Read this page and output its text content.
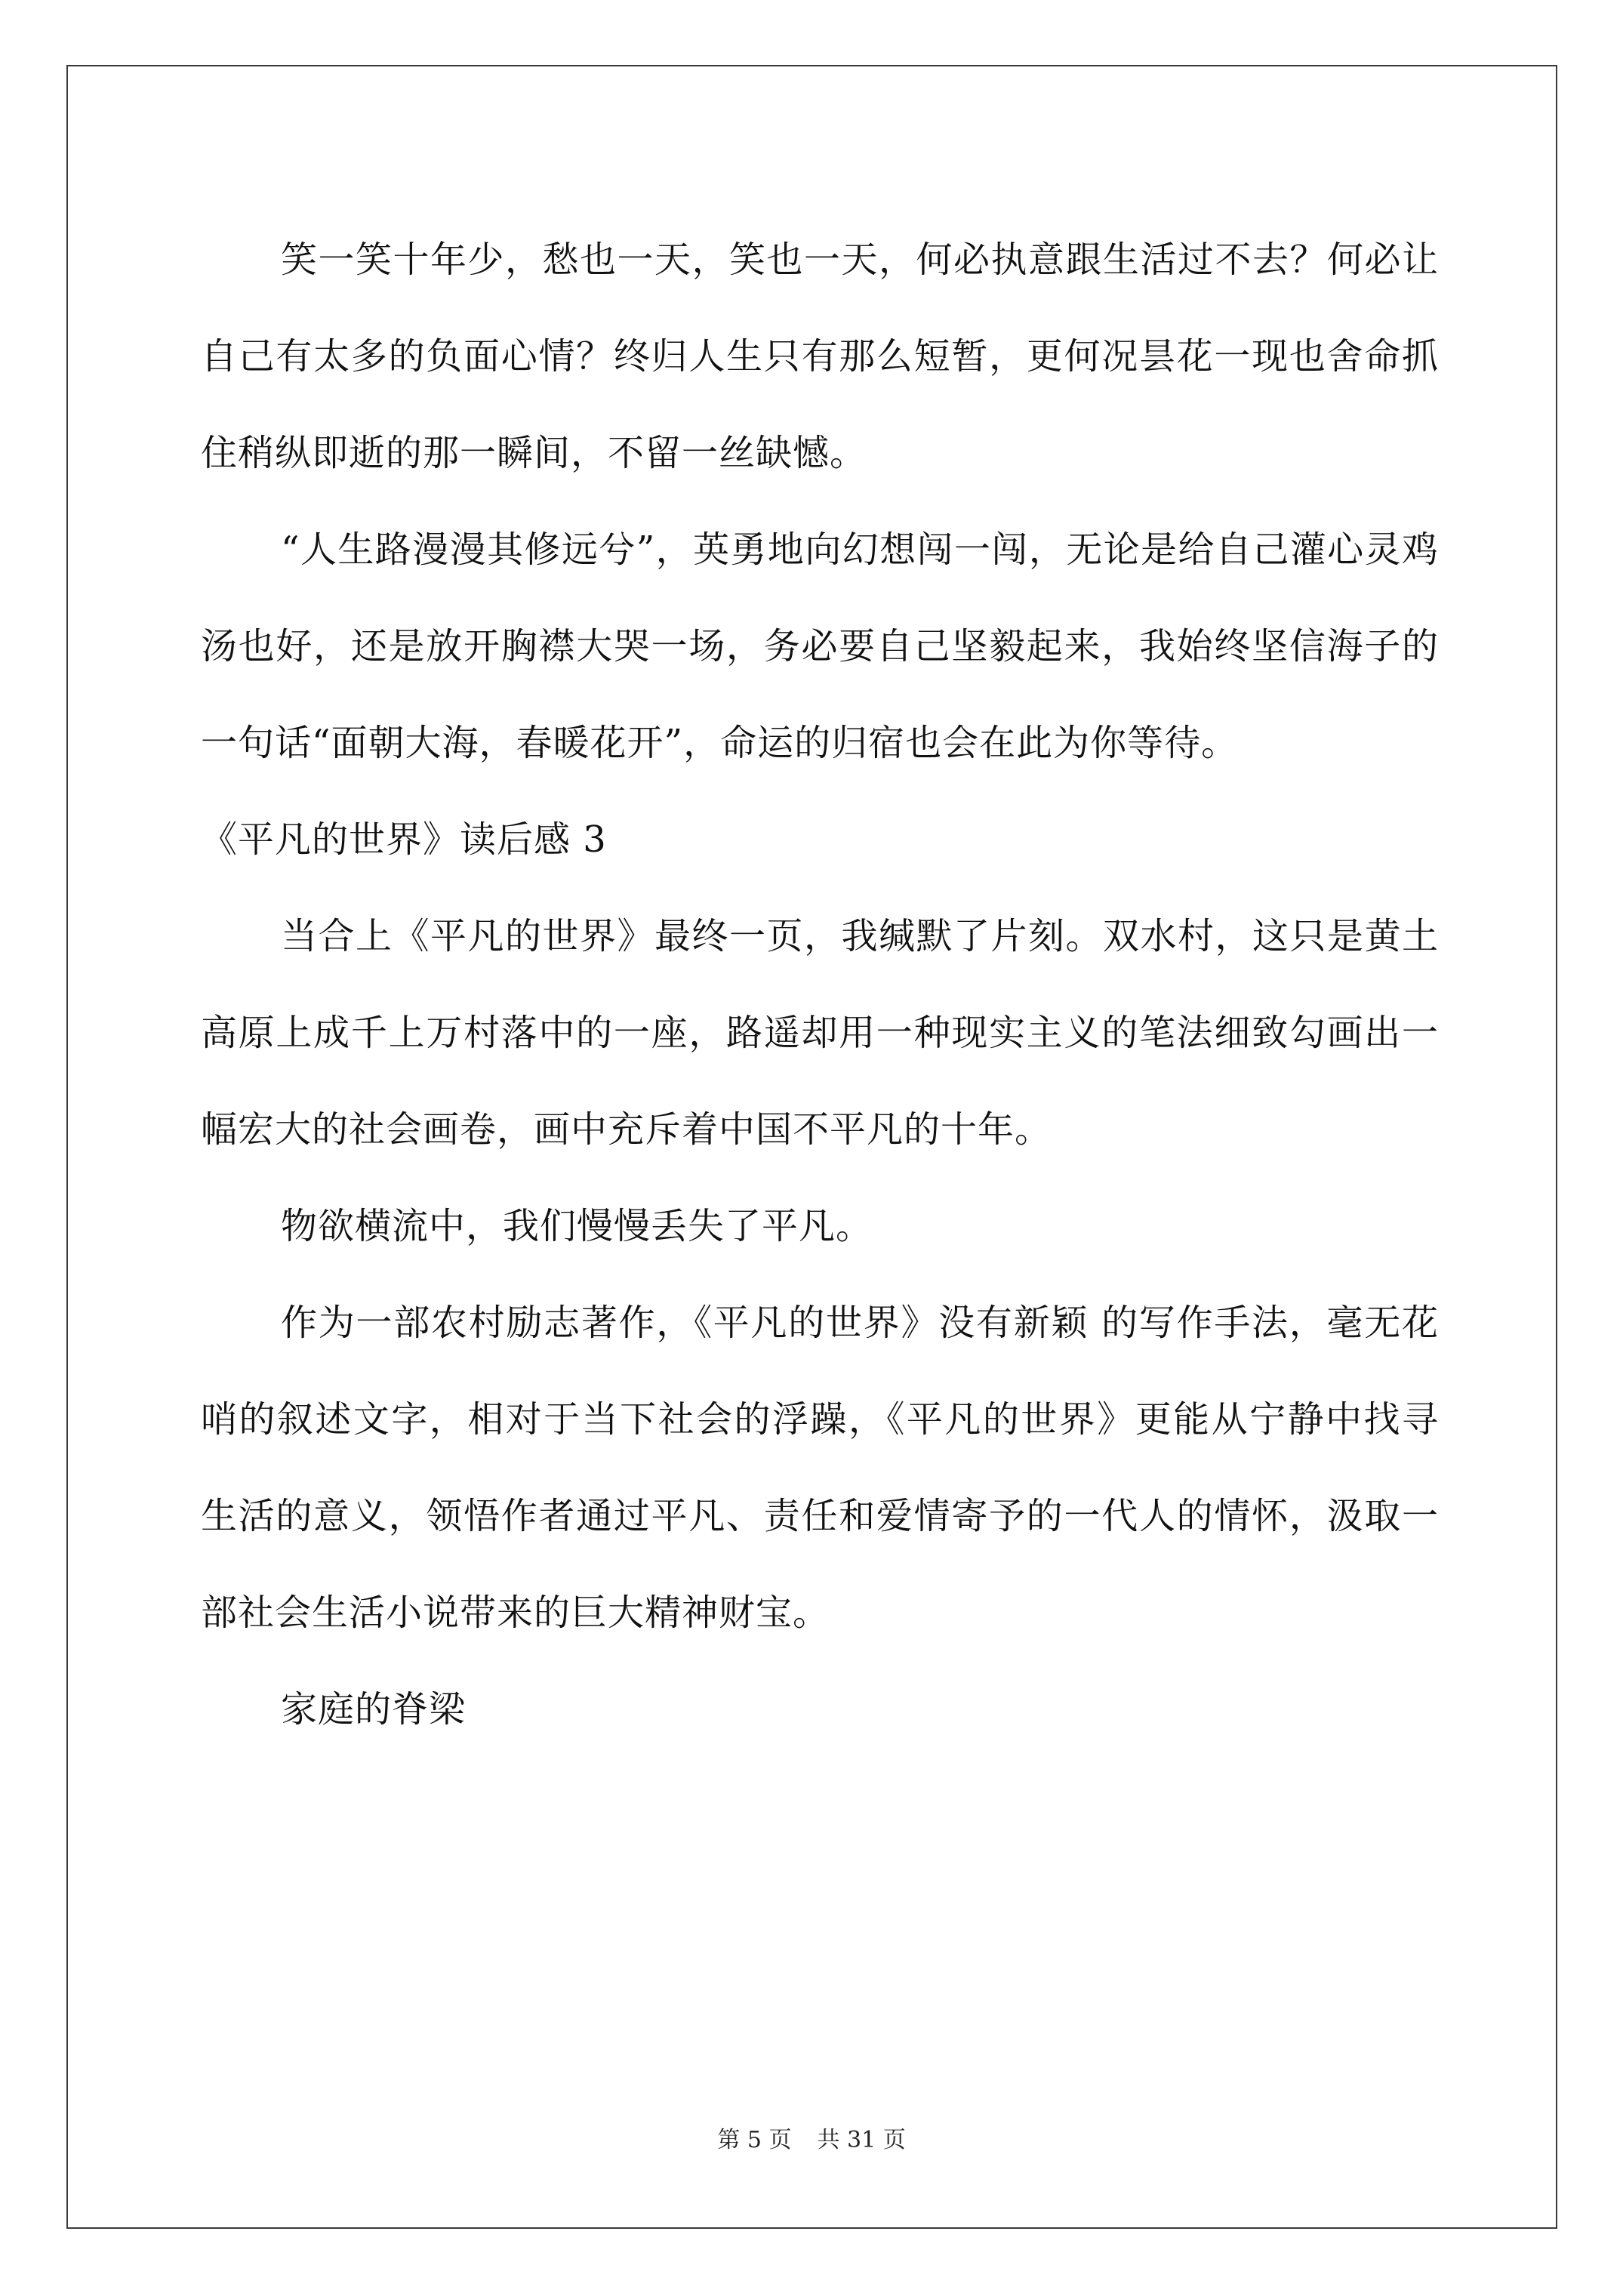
笑一笑十年少，愁也一天，笑也一天，何必执意跟生活过不去？何必让自己有太多的负面心情？终归人生只有那么短暂，更何况昙花一现也舍命抓住稍纵即逝的那一瞬间，不留一丝缺憾。

“人生路漫漫其修远兮”，英勇地向幻想闯一闯，无论是给自己灌心灵鸡汤也好，还是放开胸襟大哭一场，务必要自己坚毅起来，我始终坚信海子的一句话“面朝大海，春暖花开”，命运的归宿也会在此为你等待。

《平凡的世界》读后感 3

当合上《平凡的世界》最终一页，我缄默了片刻。双水村，这只是黄土高原上成千上万村落中的一座，路遥却用一种现实主义的笔法细致勾画出一幅宏大的社会画卷，画中充斥着中国不平凡的十年。

物欲横流中，我们慢慢丢失了平凡。

作为一部农村励志著作，《平凡的世界》没有新颖 的写作手法，毫无花哨的叙述文字，相对于当下社会的浮躁，《平凡的世界》更能从宁静中找寻生活的意义，领悟作者通过平凡、责任和爱情寄予的一代人的情怀，汲取一部社会生活小说带来的巨大精神财宝。

家庭的脊梁

第 5 页 共 31 页
